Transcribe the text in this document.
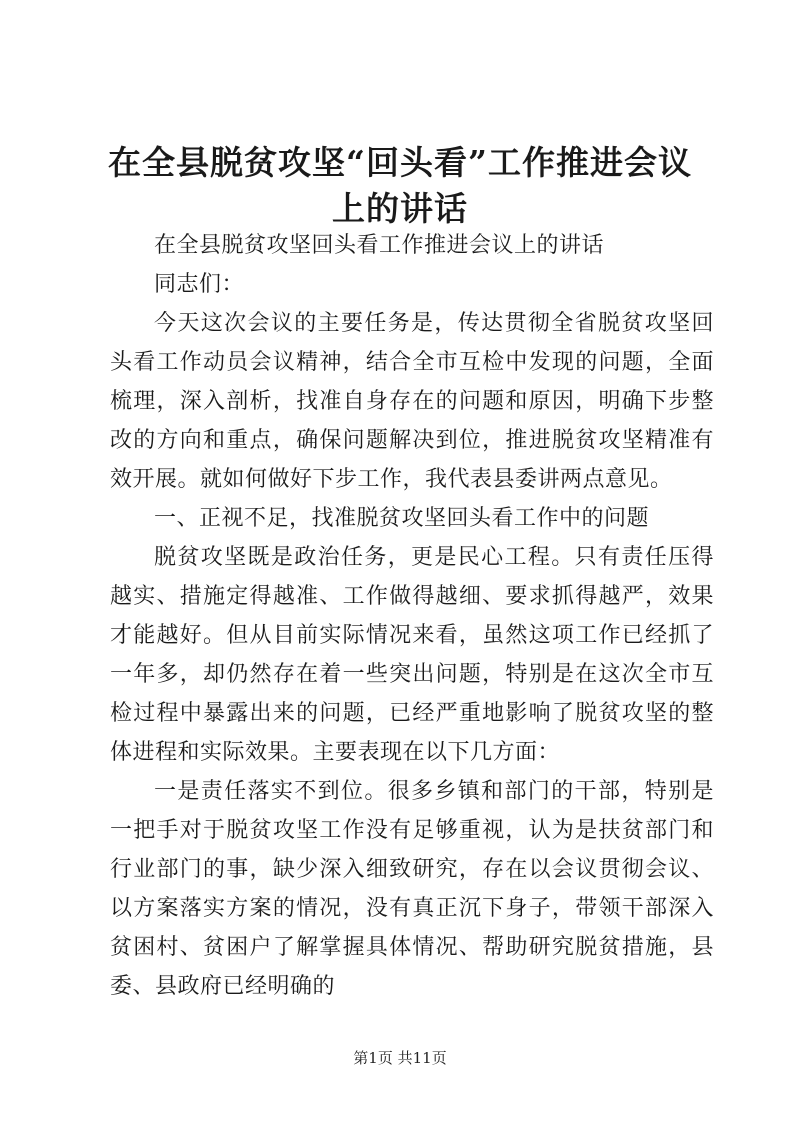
在全县脱贫攻坚“回头看”工作推进会议上的讲话

在全县脱贫攻坚回头看工作推进会议上的讲话

同志们：

今天这次会议的主要任务是，传达贯彻全省脱贫攻坚回头看工作动员会议精神，结合全市互检中发现的问题，全面梳理，深入剖析，找准自身存在的问题和原因，明确下步整改的方向和重点，确保问题解决到位，推进脱贫攻坚精准有效开展。就如何做好下步工作，我代表县委讲两点意见。

一、正视不足，找准脱贫攻坚回头看工作中的问题

脱贫攻坚既是政治任务，更是民心工程。只有责任压得越实、措施定得越准、工作做得越细、要求抓得越严，效果才能越好。但从目前实际情况来看，虽然这项工作已经抓了一年多，却仍然存在着一些突出问题，特别是在这次全市互检过程中暴露出来的问题，已经严重地影响了脱贫攻坚的整体进程和实际效果。主要表现在以下几方面：

一是责任落实不到位。很多乡镇和部门的干部，特别是一把手对于脱贫攻坚工作没有足够重视，认为是扶贫部门和行业部门的事，缺少深入细致研究，存在以会议贯彻会议、以方案落实方案的情况，没有真正沉下身子，带领干部深入贫困村、贫困户了解掌握具体情况、帮助研究脱贫措施，县委、县政府已经明确的

第1页 共11页
